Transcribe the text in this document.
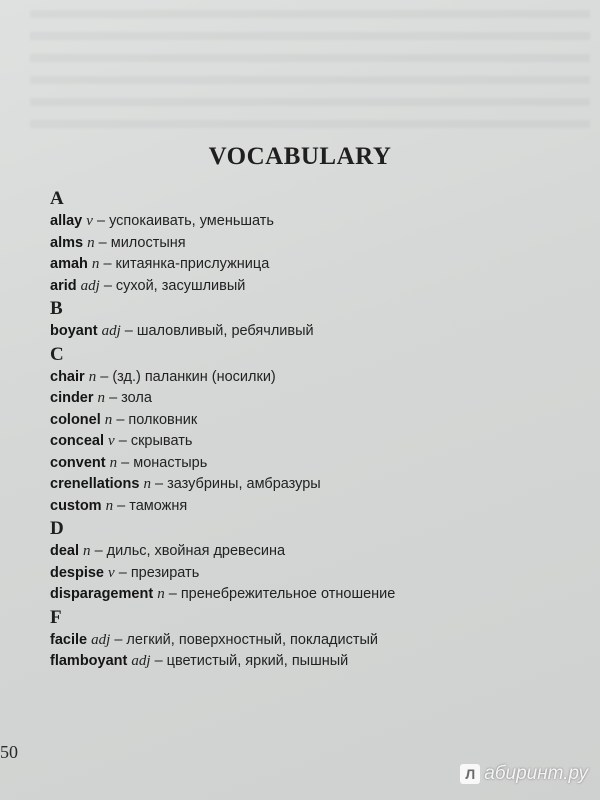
VOCABULARY
A
allay v – успокаивать, уменьшать
alms n – милостыня
amah n – китаянка-прислужница
arid adj – сухой, засушливый
B
boyant adj – шаловливый, ребячливый
C
chair n – (зд.) паланкин (носилки)
cinder n – зола
colonel n – полковник
conceal v – скрывать
convent n – монастырь
crenellations n – зазубрины, амбразуры
custom n – таможня
D
deal n – дильс, хвойная древесина
despise v – презирать
disparagement n – пренебрежительное отношение
F
facile adj – легкий, поверхностный, покладистый
flamboyant adj – цветистый, яркий, пышный
50
Л абиринт.ру
